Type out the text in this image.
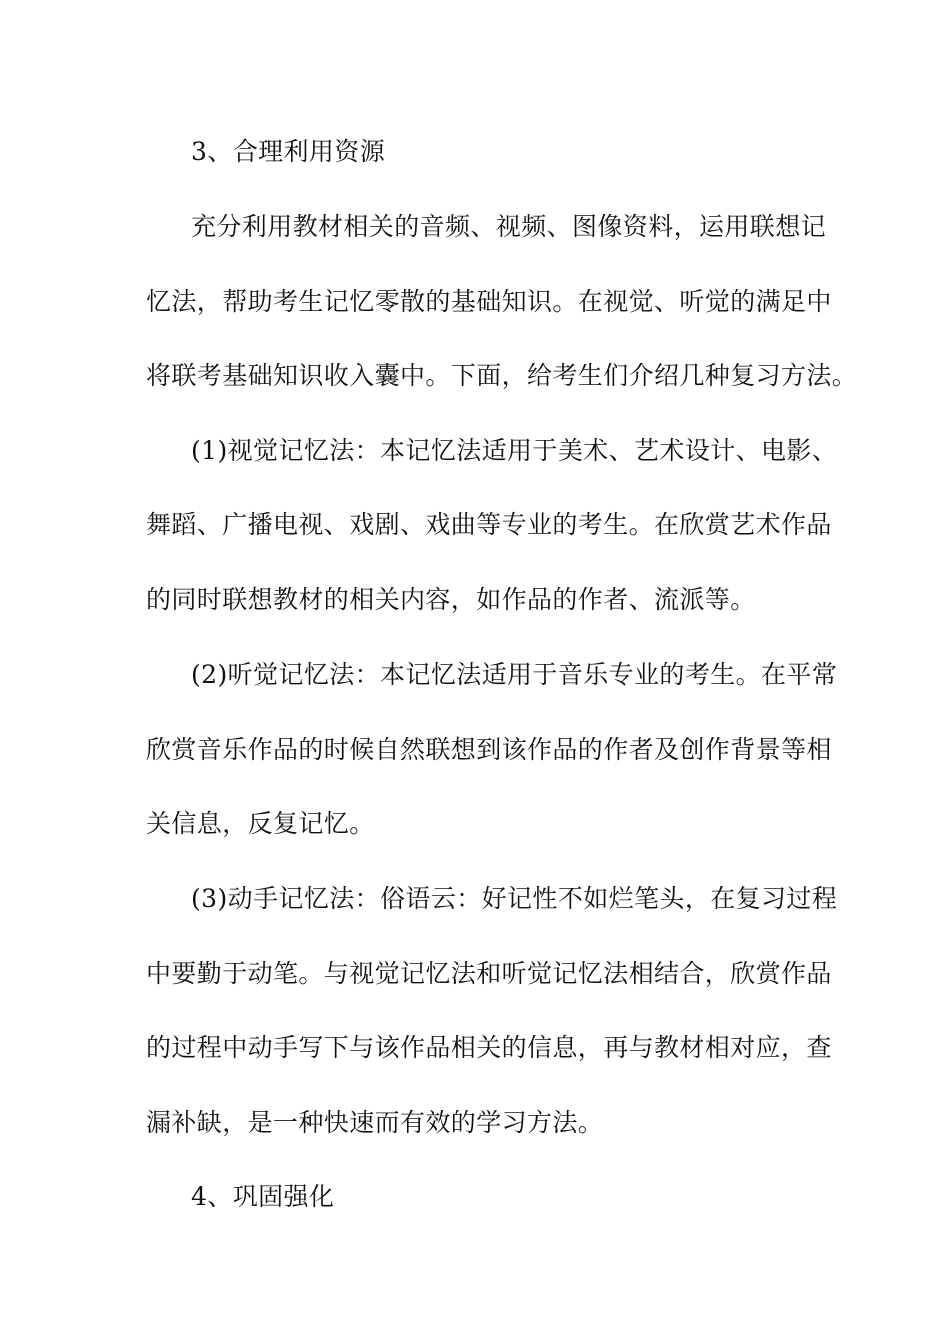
3、合理利用资源
充分利用教材相关的音频、视频、图像资料，运用联想记
忆法，帮助考生记忆零散的基础知识。在视觉、听觉的满足中
将联考基础知识收入囊中。下面，给考生们介绍几种复习方法。
(1)视觉记忆法：本记忆法适用于美术、艺术设计、电影、
舞蹈、广播电视、戏剧、戏曲等专业的考生。在欣赏艺术作品
的同时联想教材的相关内容，如作品的作者、流派等。
(2)听觉记忆法：本记忆法适用于音乐专业的考生。在平常
欣赏音乐作品的时候自然联想到该作品的作者及创作背景等相
关信息，反复记忆。
(3)动手记忆法：俗语云：好记性不如烂笔头，在复习过程
中要勤于动笔。与视觉记忆法和听觉记忆法相结合，欣赏作品
的过程中动手写下与该作品相关的信息，再与教材相对应，查
漏补缺，是一种快速而有效的学习方法。
4、巩固强化
